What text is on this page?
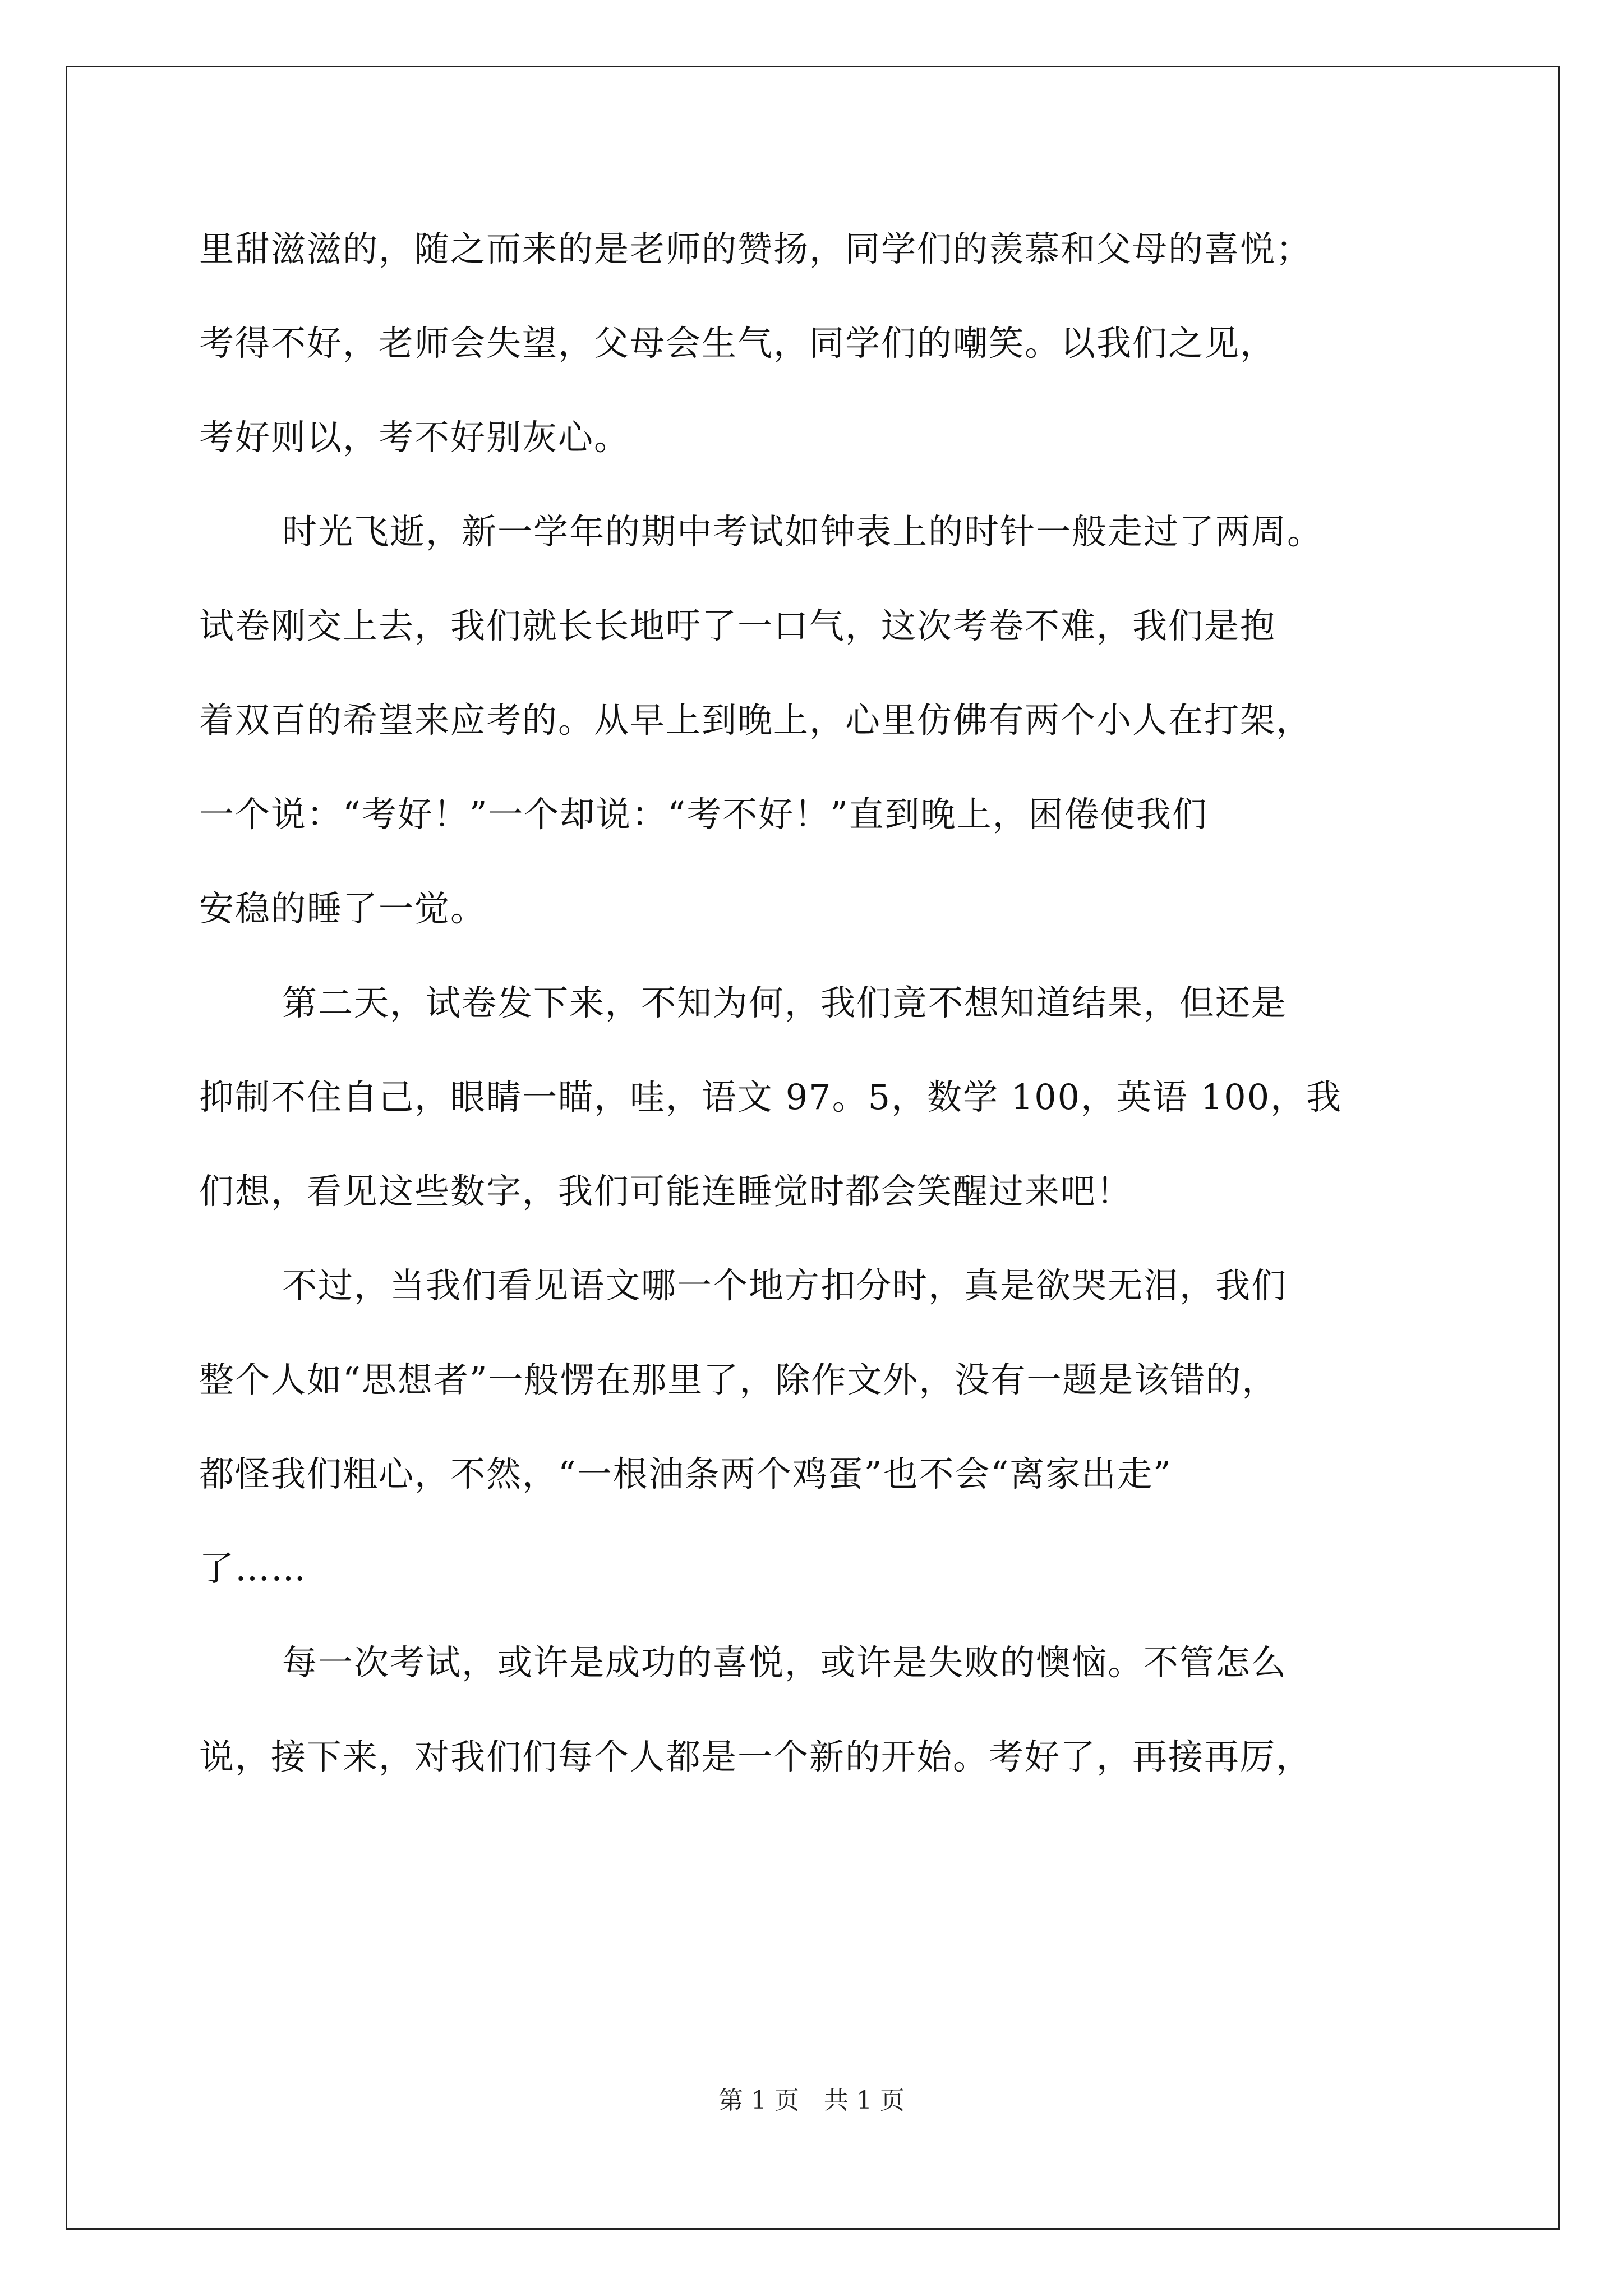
里甜滋滋的，随之而来的是老师的赞扬，同学们的羡慕和父母的喜悦；
考得不好，老师会失望，父母会生气，同学们的嘲笑。以我们之见，
考好则以，考不好别灰心。
时光飞逝，新一学年的期中考试如钟表上的时针一般走过了两周。
试卷刚交上去，我们就长长地吁了一口气，这次考卷不难，我们是抱
着双百的希望来应考的。从早上到晚上，心里仿佛有两个小人在打架，
一个说：“考好！”一个却说：“考不好！”直到晚上，困倦使我们
安稳的睡了一觉。
第二天，试卷发下来，不知为何，我们竟不想知道结果，但还是
抑制不住自己，眼睛一瞄，哇，语文 97。5，数学 100，英语 100，我
们想，看见这些数字，我们可能连睡觉时都会笑醒过来吧！
不过，当我们看见语文哪一个地方扣分时，真是欲哭无泪，我们
整个人如“思想者”一般愣在那里了，除作文外，没有一题是该错的，
都怪我们粗心，不然，“一根油条两个鸡蛋”也不会“离家出走”
了……
每一次考试，或许是成功的喜悦，或许是失败的懊恼。不管怎么
说，接下来，对我们们每个人都是一个新的开始。考好了，再接再厉，
第 1 页　共 1 页
